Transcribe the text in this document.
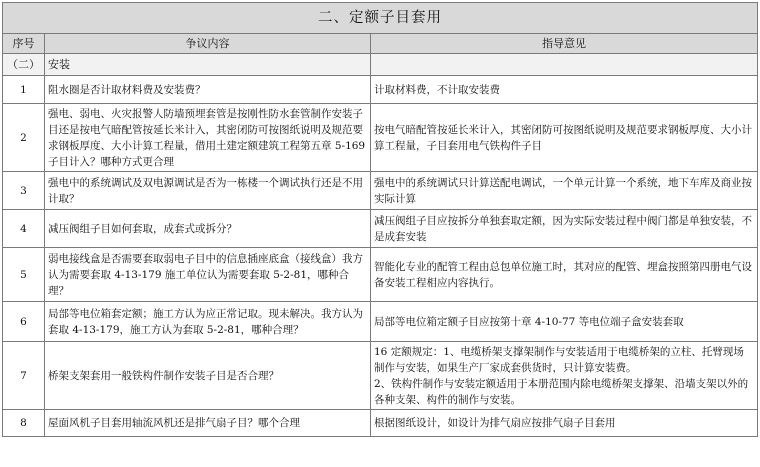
二、定额子目套用		
序号	争议内容	指导意见
（二）	安装	
1	阻水圈是否计取材料费及安装费？	计取材料费，不计取安装费
2	强电、弱电、火灾报警人防墙预埋套管是按刚性防水套管制作安装子目还是按电气暗配管按延长米计入，其密闭防可按图纸说明及规范要求钢板厚度、大小计算工程量，借用土建定额建筑工程第五章 5-169 子目计入？哪种方式更合理	按电气暗配管按延长米计入，其密闭防可按图纸说明及规范要求钢板厚度、大小计算工程量，子目套用电气铁构件子目
3	强电中的系统调试及双电源调试是否为一栋楼一个调试执行还是不用计取？	强电中的系统调试只计算送配电调试，一个单元计算一个系统，地下车库及商业按实际计算
4	减压阀组子目如何套取，成套式或拆分？	减压阀组子目应按拆分单独套取定额，因为实际安装过程中阀门都是单独安装，不是成套安装
5	弱电接线盒是否需要套取弱电子目中的信息插座底盒（接线盒）我方认为需要套取 4-13-179 施工单位认为需要套取 5-2-81，哪种合理？	智能化专业的配管工程由总包单位施工时，其对应的配管、埋盒按照第四册电气设备安装工程相应内容执行。
6	局部等电位箱套定额；施工方认为应正常记取。现未解决。我方认为套取 4-13-179，施工方认为套取 5-2-81，哪种合理？	局部等电位箱定额子目应按第十章 4-10-77 等电位端子盒安装套取
7	桥架支架套用一般铁构件制作安装子目是否合理？	16 定额规定：1、电缆桥架支撑架制作与安装适用于电缆桥架的立柱、托臂现场制作与安装，如果生产厂家成套供货时，只计算安装费。
2、铁构件制作与安装定额适用于本册范围内除电缆桥架支撑架、沿墙支架以外的各种支架、构件的制作与安装。
8	屋面风机子目套用轴流风机还是排气扇子目？哪个合理	根据图纸设计，如设计为排气扇应按排气扇子目套用
